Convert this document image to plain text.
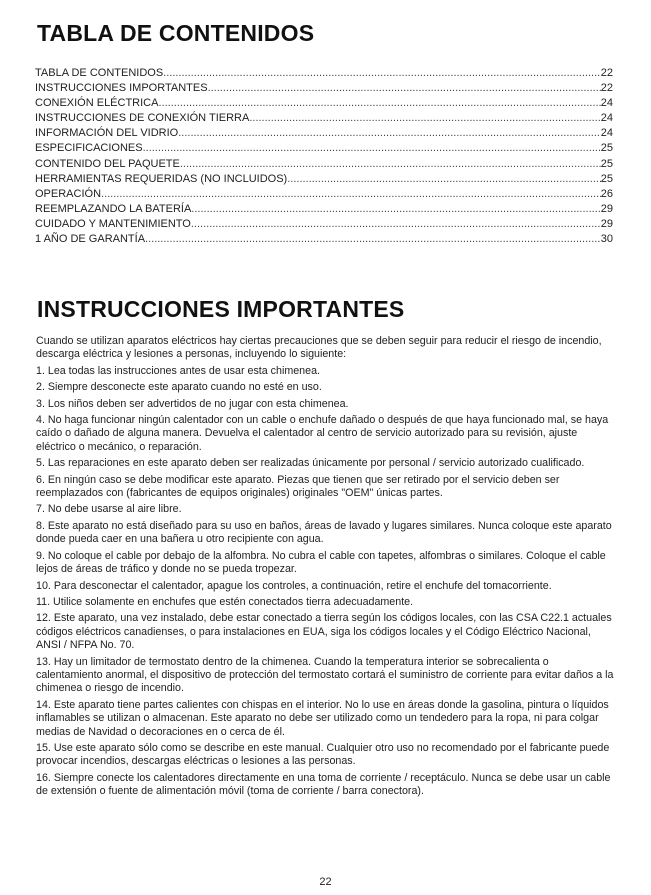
TABLA DE CONTENIDOS
TABLA DE CONTENIDOS .....	22
INSTRUCCIONES IMPORTANTES .....	22
CONEXIÓN ELÉCTRICA .....	24
INSTRUCCIONES DE CONEXIÓN TIERRA .....	24
INFORMACIÓN DEL VIDRIO .....	24
ESPECIFICACIONES .....	25
CONTENIDO DEL PAQUETE .....	25
HERRAMIENTAS REQUERIDAS (NO INCLUIDOS) .....	25
OPERACIÓN .....	26
REEMPLAZANDO LA BATERÍA .....	29
CUIDADO Y MANTENIMIENTO .....	29
1 AÑO DE GARANTÍA .....	30
INSTRUCCIONES IMPORTANTES

Cuando se utilizan aparatos eléctricos hay ciertas precauciones que se deben seguir para reducir el riesgo de incendio, descarga eléctrica y lesiones a personas, incluyendo lo siguiente:

1. Lea todas las instrucciones antes de usar esta chimenea.

2. Siempre desconecte este aparato cuando no esté en uso.

3. Los niños deben ser advertidos de no jugar con esta chimenea.

4. No haga funcionar ningún calentador con un cable o enchufe dañado o después de que haya funcionado mal, se haya caído o dañado de alguna manera. Devuelva el calentador al centro de servicio autorizado para su revisión, ajuste eléctrico o mecánico, o reparación.

5. Las reparaciones en este aparato deben ser realizadas únicamente por personal / servicio autorizado cualificado.

6. En ningún caso se debe modificar este aparato. Piezas que tienen que ser retirado por el servicio deben ser reemplazados con (fabricantes de equipos originales) originales "OEM" únicas partes.

7. No debe usarse al aire libre.

8. Este aparato no está diseñado para su uso en baños, áreas de lavado y lugares similares. Nunca coloque este aparato donde pueda caer en una bañera u otro recipiente con agua.

9. No coloque el cable por debajo de la alfombra. No cubra el cable con tapetes, alfombras o similares. Coloque el cable lejos de áreas de tráfico y donde no se pueda tropezar.

10. Para desconectar el calentador, apague los controles, a continuación, retire el enchufe del tomacorriente.

11. Utilice solamente en enchufes que estén conectados tierra adecuadamente.

12. Este aparato, una vez instalado, debe estar conectado a tierra según los códigos locales, con las CSA C22.1 actuales códigos eléctricos canadienses, o para instalaciones en EUA, siga los códigos locales y el Código Eléctrico Nacional, ANSI / NFPA No. 70.

13. Hay un limitador de termostato dentro de la chimenea. Cuando la temperatura interior se sobrecalienta o calentamiento anormal, el dispositivo de protección del termostato cortará el suministro de corriente para evitar daños a la chimenea o riesgo de incendio.

14. Este aparato tiene partes calientes con chispas en el interior. No lo use en áreas donde la gasolina, pintura o líquidos inflamables se utilizan o almacenan. Este aparato no debe ser utilizado como un tendedero para la ropa, ni para colgar medias de Navidad o decoraciones en o cerca de él.

15. Use este aparato sólo como se describe en este manual. Cualquier otro uso no recomendado por el fabricante puede provocar incendios, descargas eléctricas o lesiones a las personas.

16. Siempre conecte los calentadores directamente en una toma de corriente / receptáculo. Nunca se debe usar un cable de extensión o fuente de alimentación móvil (toma de corriente / barra conectora).

22
